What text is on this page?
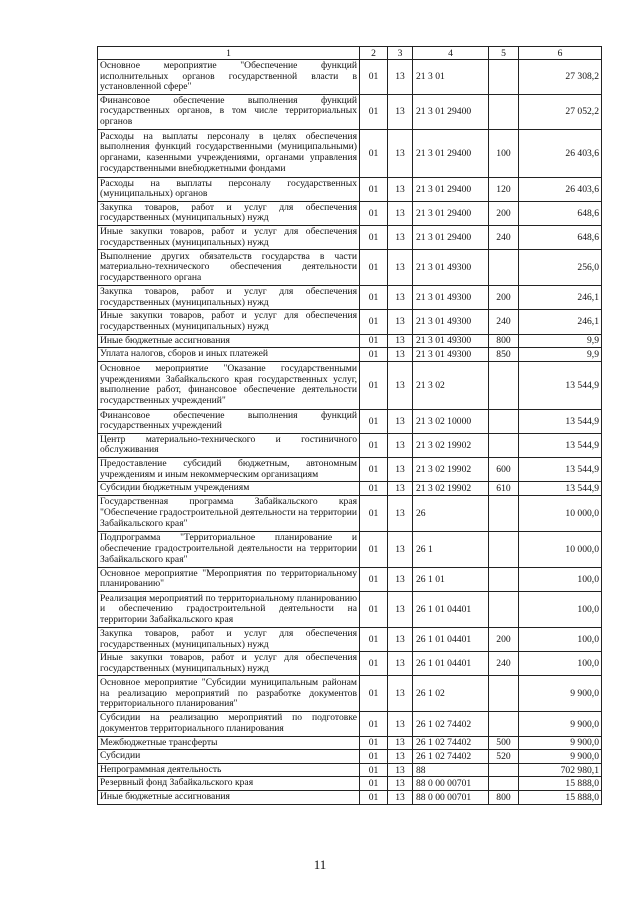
1	2	3	4	5	6
Основное мероприятие "Обеспечение функций исполнительных органов государственной власти в установленной сфере"	01	13	21 3 01		27 308,2
Финансовое обеспечение выполнения функций государственных органов, в том числе территориальных органов	01	13	21 3 01 29400		27 052,2
Расходы на выплаты персоналу в целях обеспечения выполнения функций государственными (муниципальными) органами, казенными учреждениями, органами управления государственными внебюджетными фондами	01	13	21 3 01 29400	100	26 403,6
Расходы на выплаты персоналу государственных (муниципальных) органов	01	13	21 3 01 29400	120	26 403,6
Закупка товаров, работ и услуг для обеспечения государственных (муниципальных) нужд	01	13	21 3 01 29400	200	648,6
Иные закупки товаров, работ и услуг для обеспечения государственных (муниципальных) нужд	01	13	21 3 01 29400	240	648,6
Выполнение других обязательств государства в части материально-технического обеспечения деятельности государственного органа	01	13	21 3 01 49300		256,0
Закупка товаров, работ и услуг для обеспечения государственных (муниципальных) нужд	01	13	21 3 01 49300	200	246,1
Иные закупки товаров, работ и услуг для обеспечения государственных (муниципальных) нужд	01	13	21 3 01 49300	240	246,1
Иные бюджетные ассигнования	01	13	21 3 01 49300	800	9,9
Уплата налогов, сборов и иных платежей	01	13	21 3 01 49300	850	9,9
Основное мероприятие "Оказание государственными учреждениями Забайкальского края государственных услуг, выполнение работ, финансовое обеспечение деятельности государственных учреждений"	01	13	21 3 02		13 544,9
Финансовое обеспечение выполнения функций государственных учреждений	01	13	21 3 02 10000		13 544,9
Центр материально-технического и гостиничного обслуживания	01	13	21 3 02 19902		13 544,9
Предоставление субсидий бюджетным, автономным учреждениям и иным некоммерческим организациям	01	13	21 3 02 19902	600	13 544,9
Субсидии бюджетным учреждениям	01	13	21 3 02 19902	610	13 544,9
Государственная программа Забайкальского края "Обеспечение градостроительной деятельности на территории Забайкальского края"	01	13	26		10 000,0
Подпрограмма "Территориальное планирование и обеспечение градостроительной деятельности на территории Забайкальского края"	01	13	26 1		10 000,0
Основное мероприятие "Мероприятия по территориальному планированию"	01	13	26 1 01		100,0
Реализация мероприятий по территориальному планированию и обеспечению градостроительной деятельности на территории Забайкальского края	01	13	26 1 01 04401		100,0
Закупка товаров, работ и услуг для обеспечения государственных (муниципальных) нужд	01	13	26 1 01 04401	200	100,0
Иные закупки товаров, работ и услуг для обеспечения государственных (муниципальных) нужд	01	13	26 1 01 04401	240	100,0
Основное мероприятие "Субсидии муниципальным районам на реализацию мероприятий по разработке документов территориального планирования"	01	13	26 1 02		9 900,0
Субсидии на реализацию мероприятий по подготовке документов территориального планирования	01	13	26 1 02 74402		9 900,0
Межбюджетные трансферты	01	13	26 1 02 74402	500	9 900,0
Субсидии	01	13	26 1 02 74402	520	9 900,0
Непрограммная деятельность	01	13	88		702 980,1
Резервный фонд Забайкальского края	01	13	88 0 00 00701		15 888,0
Иные бюджетные ассигнования	01	13	88 0 00 00701	800	15 888,0
11
